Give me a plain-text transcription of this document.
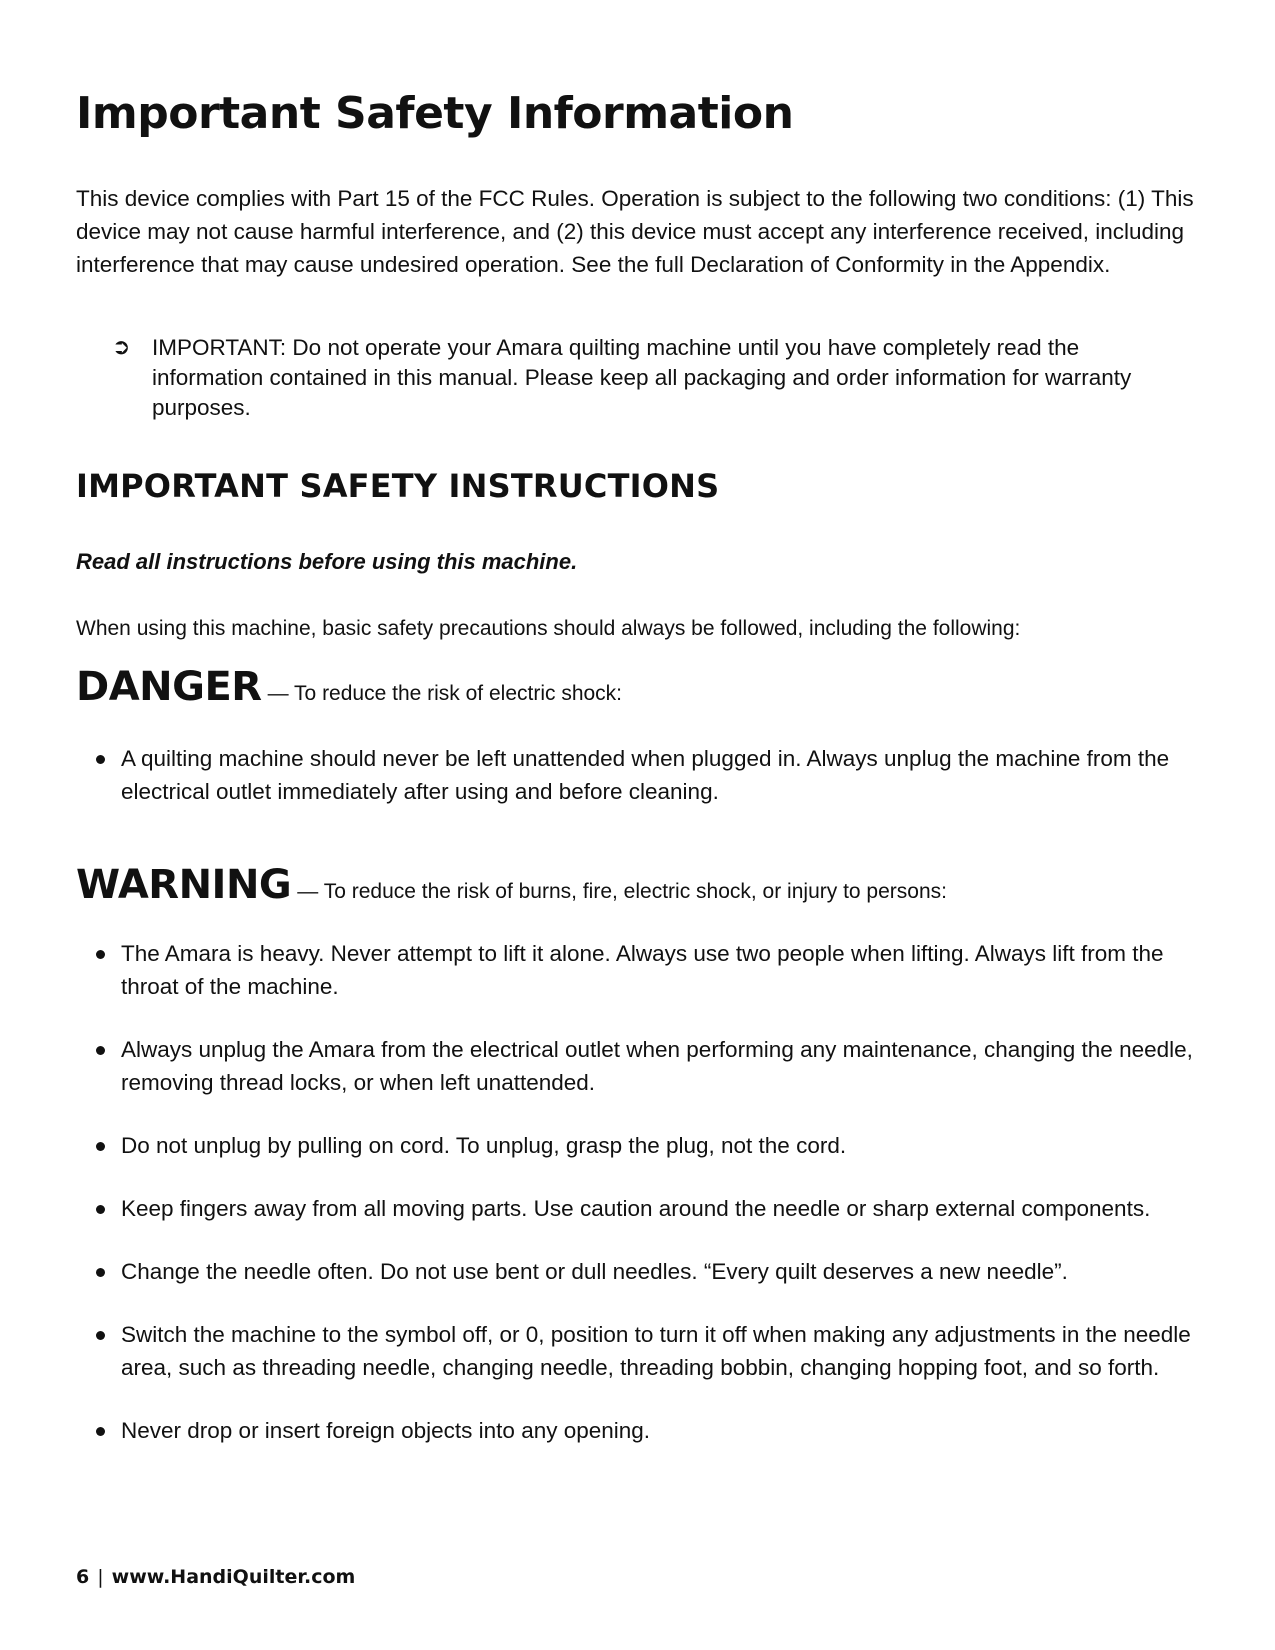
Important Safety Information

This device complies with Part 15 of the FCC Rules. Operation is subject to the following two conditions: (1) This device may not cause harmful interference, and (2) this device must accept any interference received, including interference that may cause undesired operation. See the full Declaration of Conformity in the Appendix.

➲ IMPORTANT: Do not operate your Amara quilting machine until you have completely read the information contained in this manual. Please keep all packaging and order information for warranty purposes.
IMPORTANT SAFETY INSTRUCTIONS
Read all instructions before using this machine.
When using this machine, basic safety precautions should always be followed, including the following:
DANGER — To reduce the risk of electric shock:
A quilting machine should never be left unattended when plugged in. Always unplug the machine from the electrical outlet immediately after using and before cleaning.
WARNING — To reduce the risk of burns, fire, electric shock, or injury to persons:
The Amara is heavy. Never attempt to lift it alone. Always use two people when lifting. Always lift from the throat of the machine.
Always unplug the Amara from the electrical outlet when performing any maintenance, changing the needle, removing thread locks, or when left unattended.
Do not unplug by pulling on cord. To unplug, grasp the plug, not the cord.
Keep fingers away from all moving parts. Use caution around the needle or sharp external components.
Change the needle often. Do not use bent or dull needles. “Every quilt deserves a new needle”.
Switch the machine to the symbol off, or 0, position to turn it off when making any adjustments in the needle area, such as threading needle, changing needle, threading bobbin, changing hopping foot, and so forth.
Never drop or insert foreign objects into any opening.
6 | www.HandiQuilter.com
